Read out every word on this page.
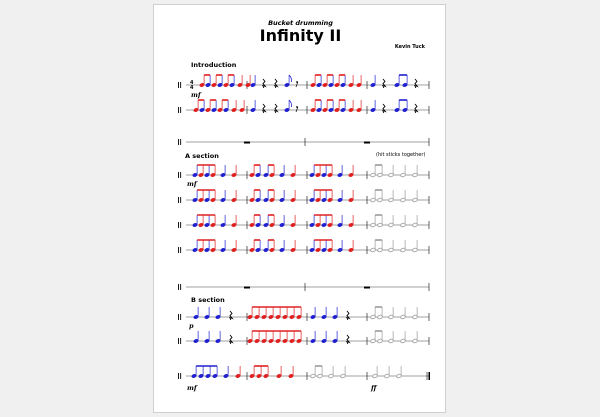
Bucket drumming
Infinity II
Kevin Tuck
Introduction
A section
B section
(hit sticks together)
mf
mf
p
mf	ff
4
4
